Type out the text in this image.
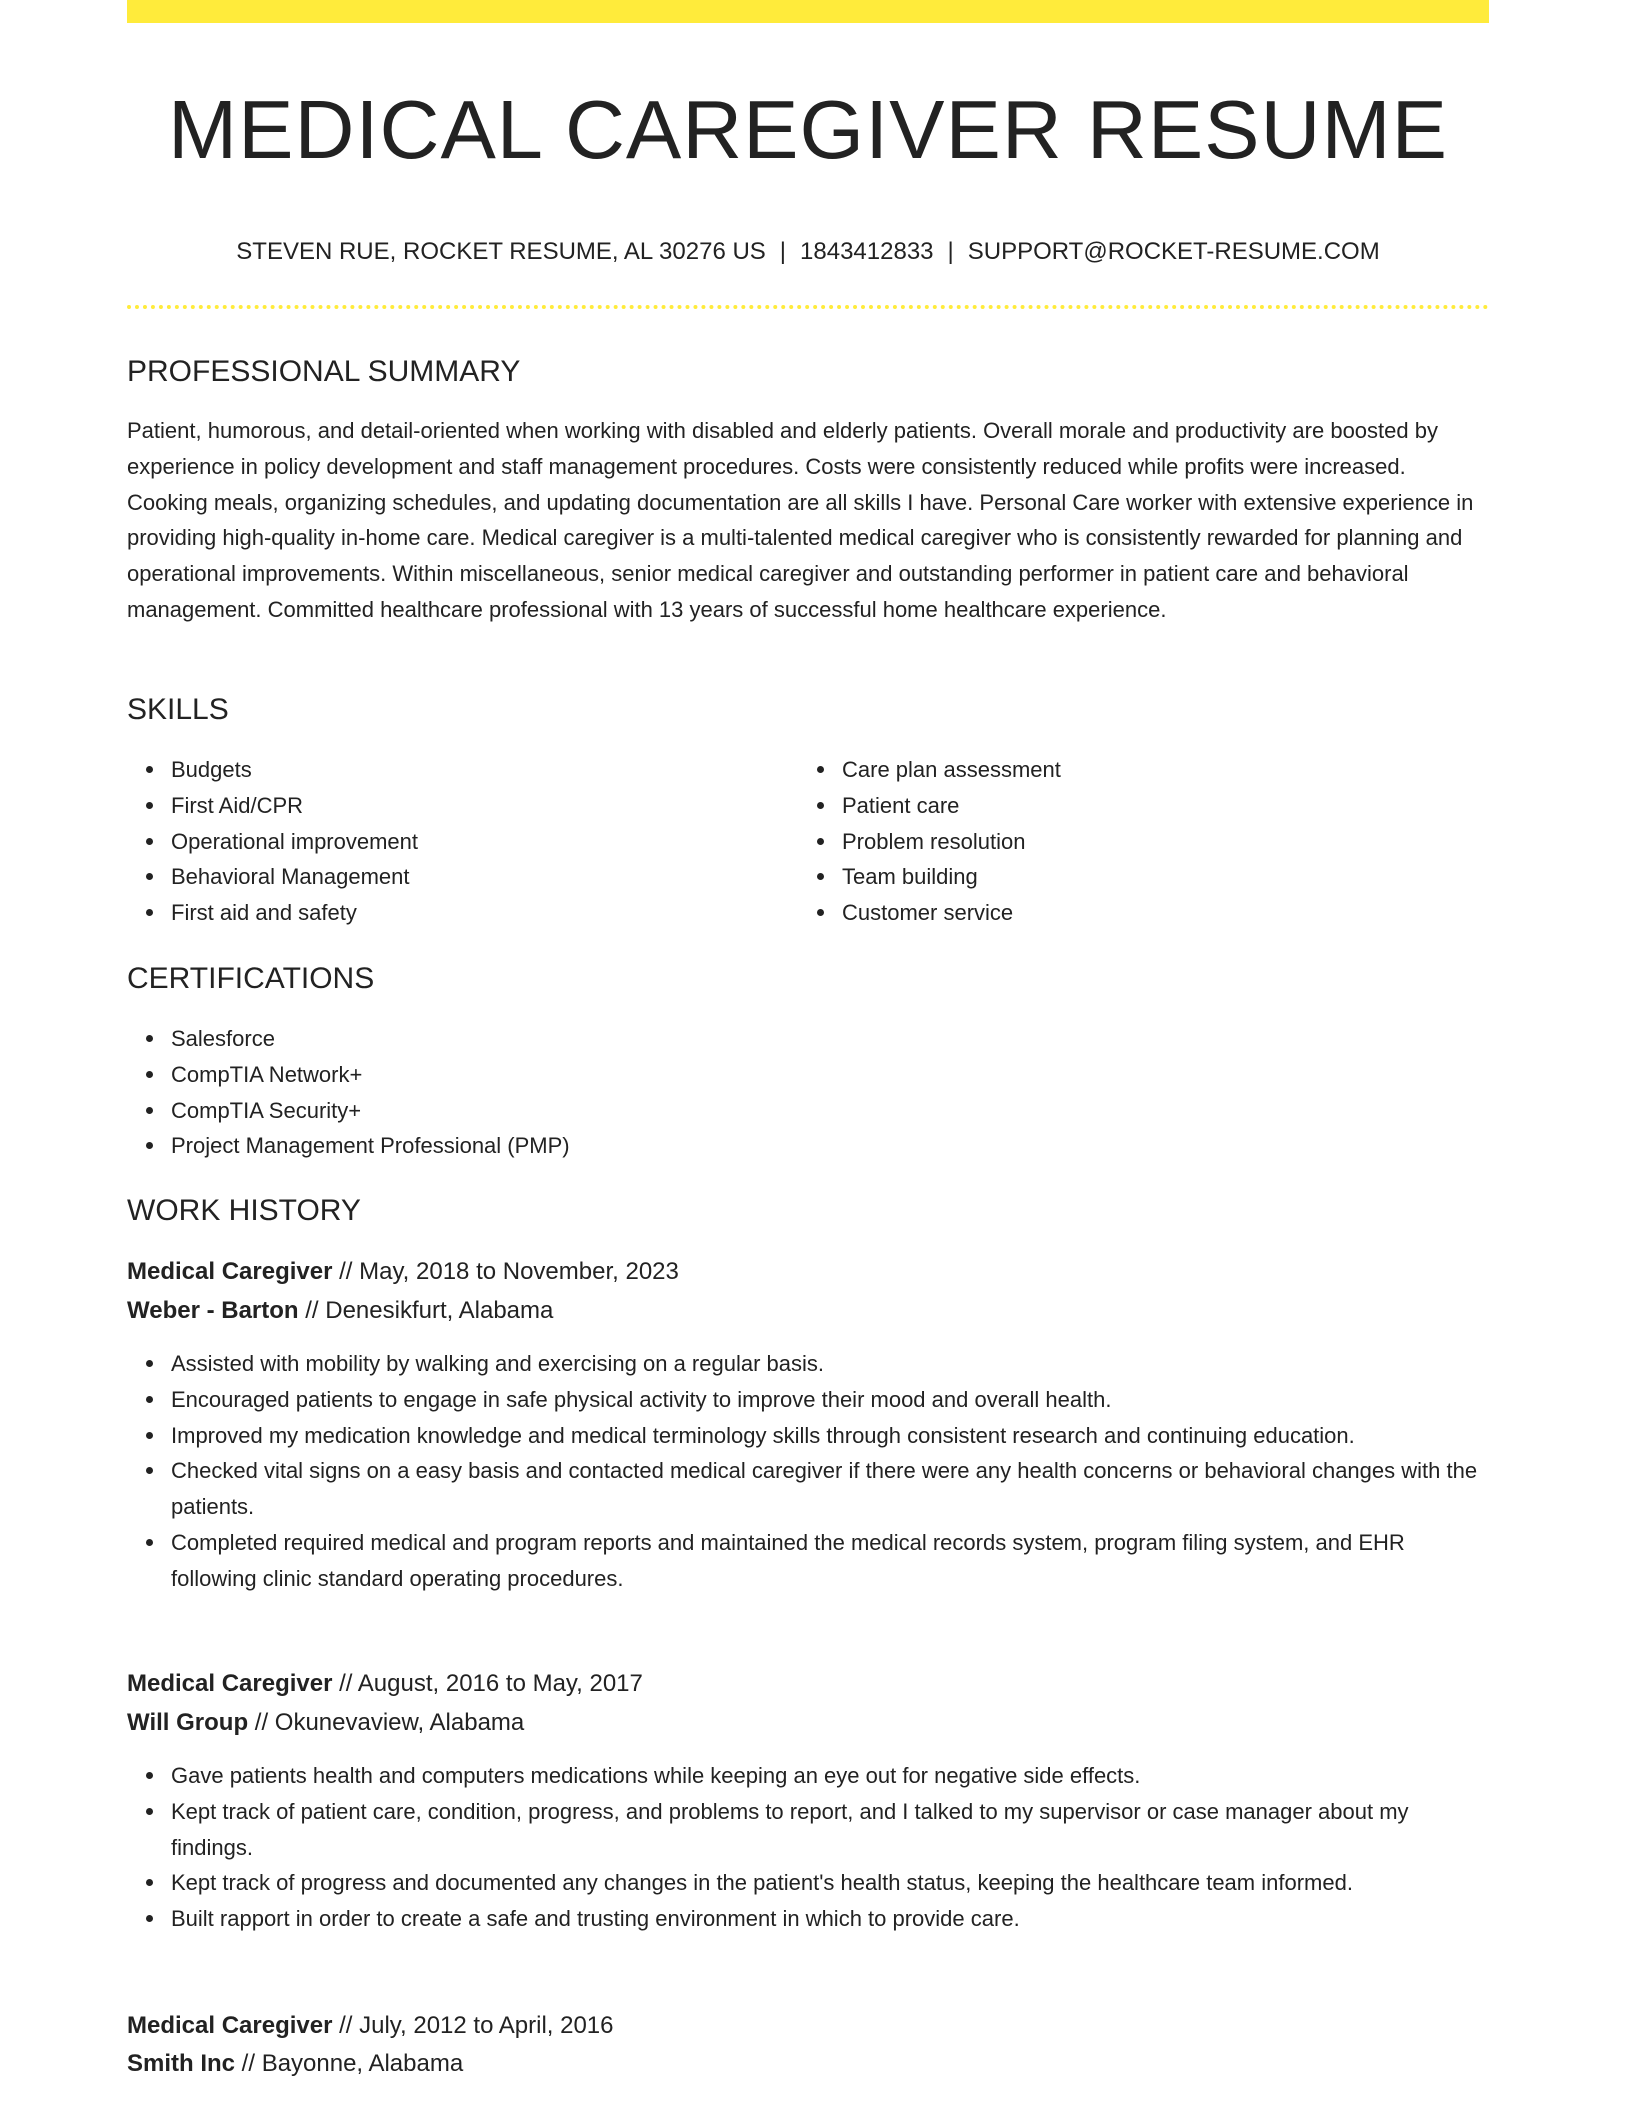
MEDICAL CAREGIVER RESUME
STEVEN RUE, ROCKET RESUME, AL 30276 US | 1843412833 | SUPPORT@ROCKET-RESUME.COM
PROFESSIONAL SUMMARY

Patient, humorous, and detail-oriented when working with disabled and elderly patients. Overall morale and productivity are boosted by experience in policy development and staff management procedures. Costs were consistently reduced while profits were increased. Cooking meals, organizing schedules, and updating documentation are all skills I have. Personal Care worker with extensive experience in providing high-quality in-home care. Medical caregiver is a multi-talented medical caregiver who is consistently rewarded for planning and operational improvements. Within miscellaneous, senior medical caregiver and outstanding performer in patient care and behavioral management. Committed healthcare professional with 13 years of successful home healthcare experience.

SKILLS
Budgets
First Aid/CPR
Operational improvement
Behavioral Management
First aid and safety
Care plan assessment
Patient care
Problem resolution
Team building
Customer service
CERTIFICATIONS
Salesforce
CompTIA Network+
CompTIA Security+
Project Management Professional (PMP)
WORK HISTORY
Medical Caregiver // May, 2018 to November, 2023
Weber - Barton // Denesikfurt, Alabama
Assisted with mobility by walking and exercising on a regular basis.
Encouraged patients to engage in safe physical activity to improve their mood and overall health.
Improved my medication knowledge and medical terminology skills through consistent research and continuing education.
Checked vital signs on a easy basis and contacted medical caregiver if there were any health concerns or behavioral changes with the patients.
Completed required medical and program reports and maintained the medical records system, program filing system, and EHR following clinic standard operating procedures.
Medical Caregiver // August, 2016 to May, 2017
Will Group // Okunevaview, Alabama
Gave patients health and computers medications while keeping an eye out for negative side effects.
Kept track of patient care, condition, progress, and problems to report, and I talked to my supervisor or case manager about my findings.
Kept track of progress and documented any changes in the patient's health status, keeping the healthcare team informed.
Built rapport in order to create a safe and trusting environment in which to provide care.
Medical Caregiver // July, 2012 to April, 2016
Smith Inc // Bayonne, Alabama
